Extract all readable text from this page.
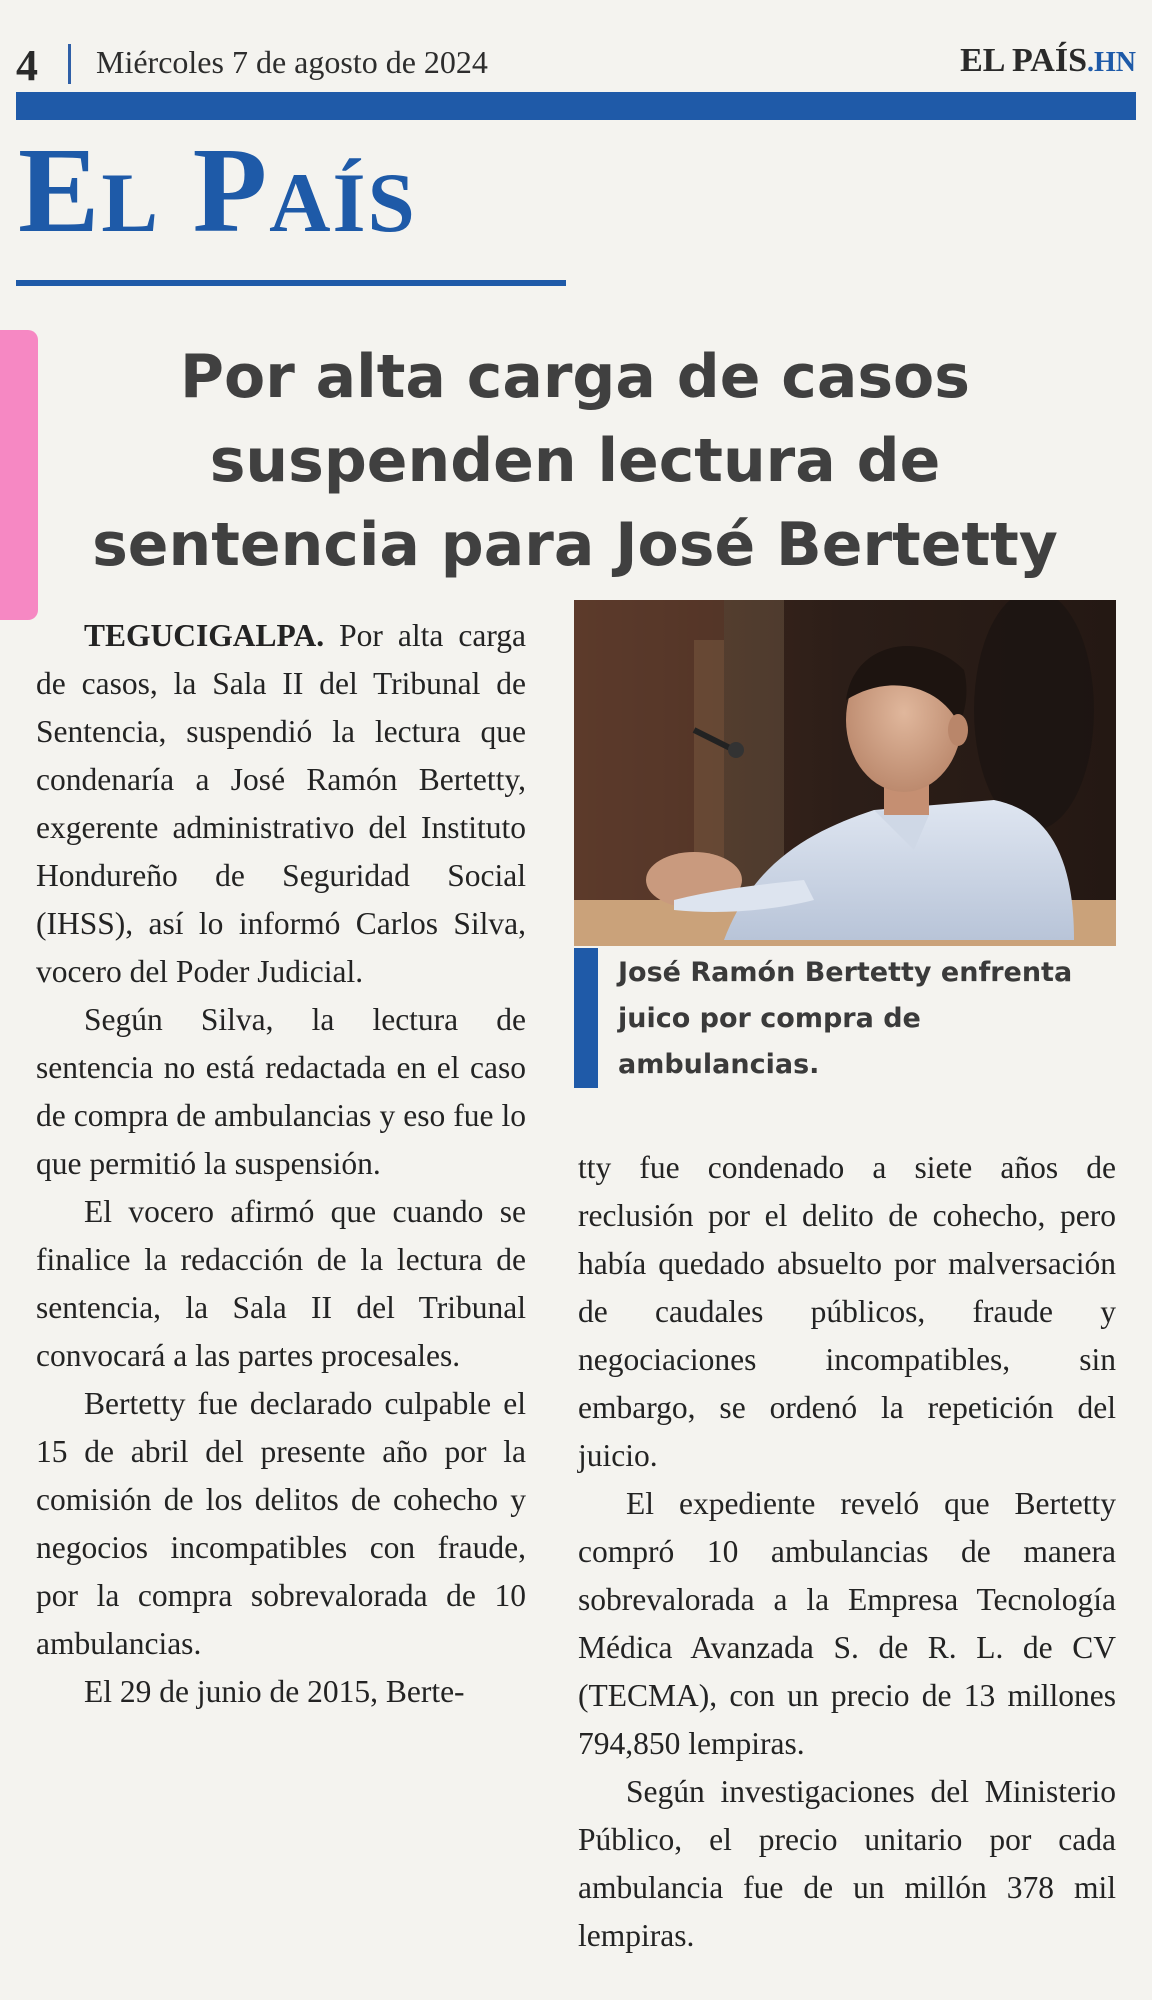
4 Miércoles 7 de agosto de 2024	EL PAÍS.HN
El País
Por alta carga de casos suspenden lectura de sentencia para José Bertetty

TEGUCIGALPA. Por alta carga de casos, la Sala II del Tribunal de Sentencia, suspendió la lectura que condenaría a José Ramón Bertetty, exgerente administrativo del Instituto Hondureño de Seguridad Social (IHSS), así lo informó Carlos Silva, vocero del Poder Judicial.

Según Silva, la lectura de sentencia no está redactada en el caso de compra de ambulancias y eso fue lo que permitió la suspensión.

El vocero afirmó que cuando se finalice la redacción de la lectura de sentencia, la Sala II del Tribunal convocará a las partes procesales.

Bertetty fue declarado culpable el 15 de abril del presente año por la comisión de los delitos de cohecho y negocios incompatibles con fraude, por la compra sobrevalorada de 10 ambulancias.

El 29 de junio de 2015, Berte-

José Ramón Bertetty enfrenta juico por compra de ambulancias.

tty fue condenado a siete años de reclusión por el delito de cohecho, pero había quedado absuelto por malversación de caudales públicos, fraude y negociaciones incompatibles, sin embargo, se ordenó la repetición del juicio.

El expediente reveló que Bertetty compró 10 ambulancias de manera sobrevalorada a la Empresa Tecnología Médica Avanzada S. de R. L. de CV (TECMA), con un precio de 13 millones 794,850 lempiras.

Según investigaciones del Ministerio Público, el precio unitario por cada ambulancia fue de un millón 378 mil lempiras.
